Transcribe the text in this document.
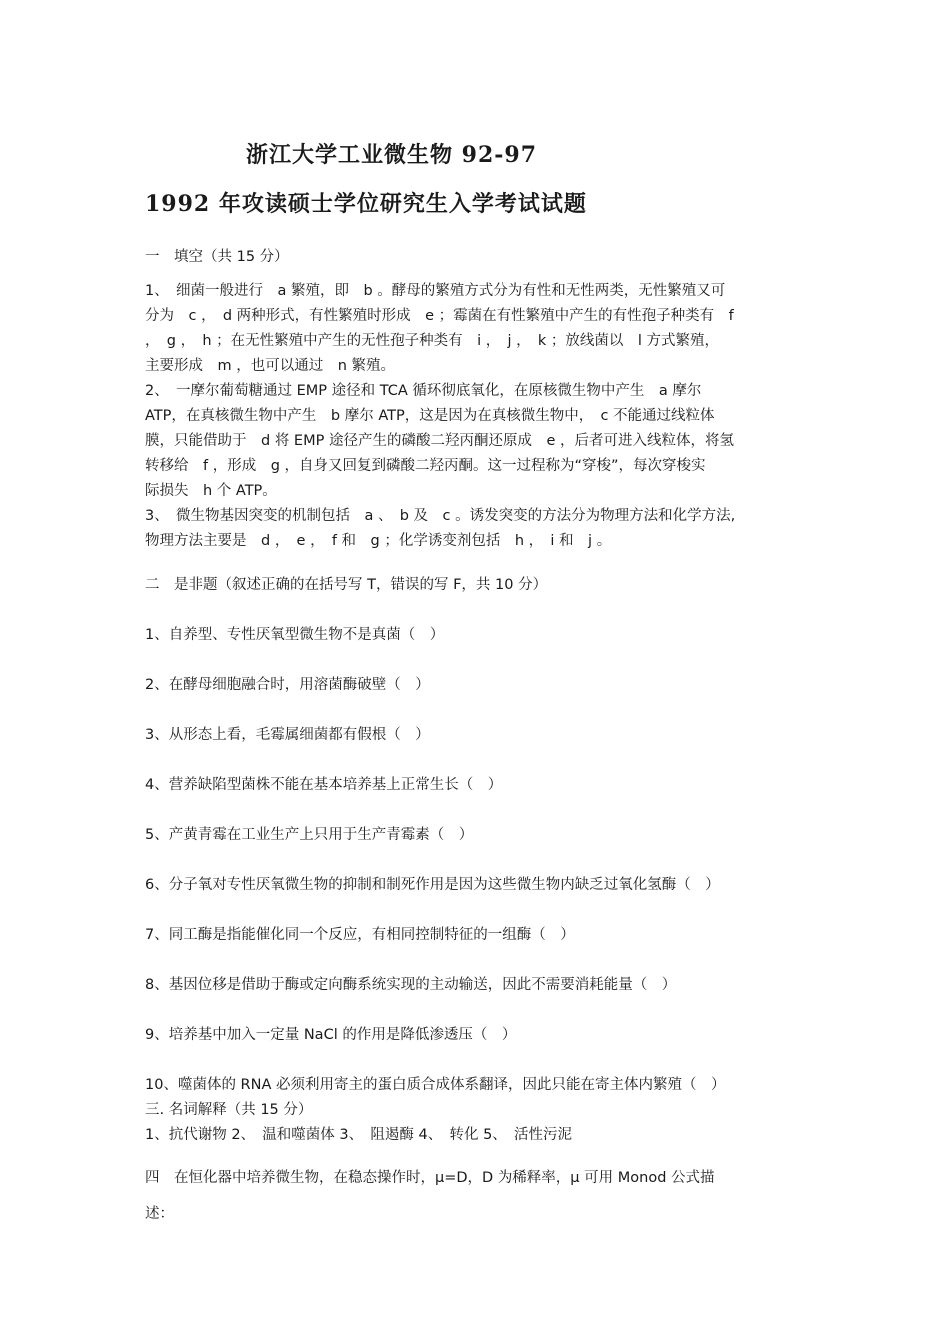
浙江大学工业微生物 92-97
1992 年攻读硕士学位研究生入学考试试题

一　填空（共 15 分）

1、　细菌一般进行　a 繁殖，即　b 。酵母的繁殖方式分为有性和无性两类，无性繁殖又可

分为　c ，　d 两种形式，有性繁殖时形成　e ；霉菌在有性繁殖中产生的有性孢子种类有　f

，　g ，　h ；在无性繁殖中产生的无性孢子种类有　i ，　j ，　k ；放线菌以　l 方式繁殖，

主要形成　m ，也可以通过　n 繁殖。

2、　一摩尔葡萄糖通过 EMP 途径和 TCA 循环彻底氧化，在原核微生物中产生　a 摩尔

ATP，在真核微生物中产生　b 摩尔 ATP，这是因为在真核微生物中，　c 不能通过线粒体

膜，只能借助于　d 将 EMP 途径产生的磷酸二羟丙酮还原成　e ，后者可进入线粒体，将氢

转移给　f ，形成　g ，自身又回复到磷酸二羟丙酮。这一过程称为“穿梭”，每次穿梭实

际损失　h 个 ATP。

3、　微生物基因突变的机制包括　a 、　b 及　c 。诱发突变的方法分为物理方法和化学方法,

物理方法主要是　d ，　e ，　f 和　g ；化学诱变剂包括　h ，　i 和　j 。

二　是非题（叙述正确的在括号写 T，错误的写 F，共 10 分）

1、自养型、专性厌氧型微生物不是真菌（　）

2、在酵母细胞融合时，用溶菌酶破壁（　）

3、从形态上看，毛霉属细菌都有假根（　）

4、营养缺陷型菌株不能在基本培养基上正常生长（　）

5、产黄青霉在工业生产上只用于生产青霉素（　）

6、分子氧对专性厌氧微生物的抑制和制死作用是因为这些微生物内缺乏过氧化氢酶（　）

7、同工酶是指能催化同一个反应，有相同控制特征的一组酶（　）

8、基因位移是借助于酶或定向酶系统实现的主动输送，因此不需要消耗能量（　）

9、培养基中加入一定量 NaCl 的作用是降低渗透压（　）

10、噬菌体的 RNA 必须利用寄主的蛋白质合成体系翻译，因此只能在寄主体内繁殖（　）

三. 名词解释（共 15 分）

1、抗代谢物 2、　温和噬菌体 3、　阻遏酶 4、　转化 5、　活性污泥

四　在恒化器中培养微生物，在稳态操作时，μ=D，D 为稀释率，μ 可用 Monod 公式描

述：
